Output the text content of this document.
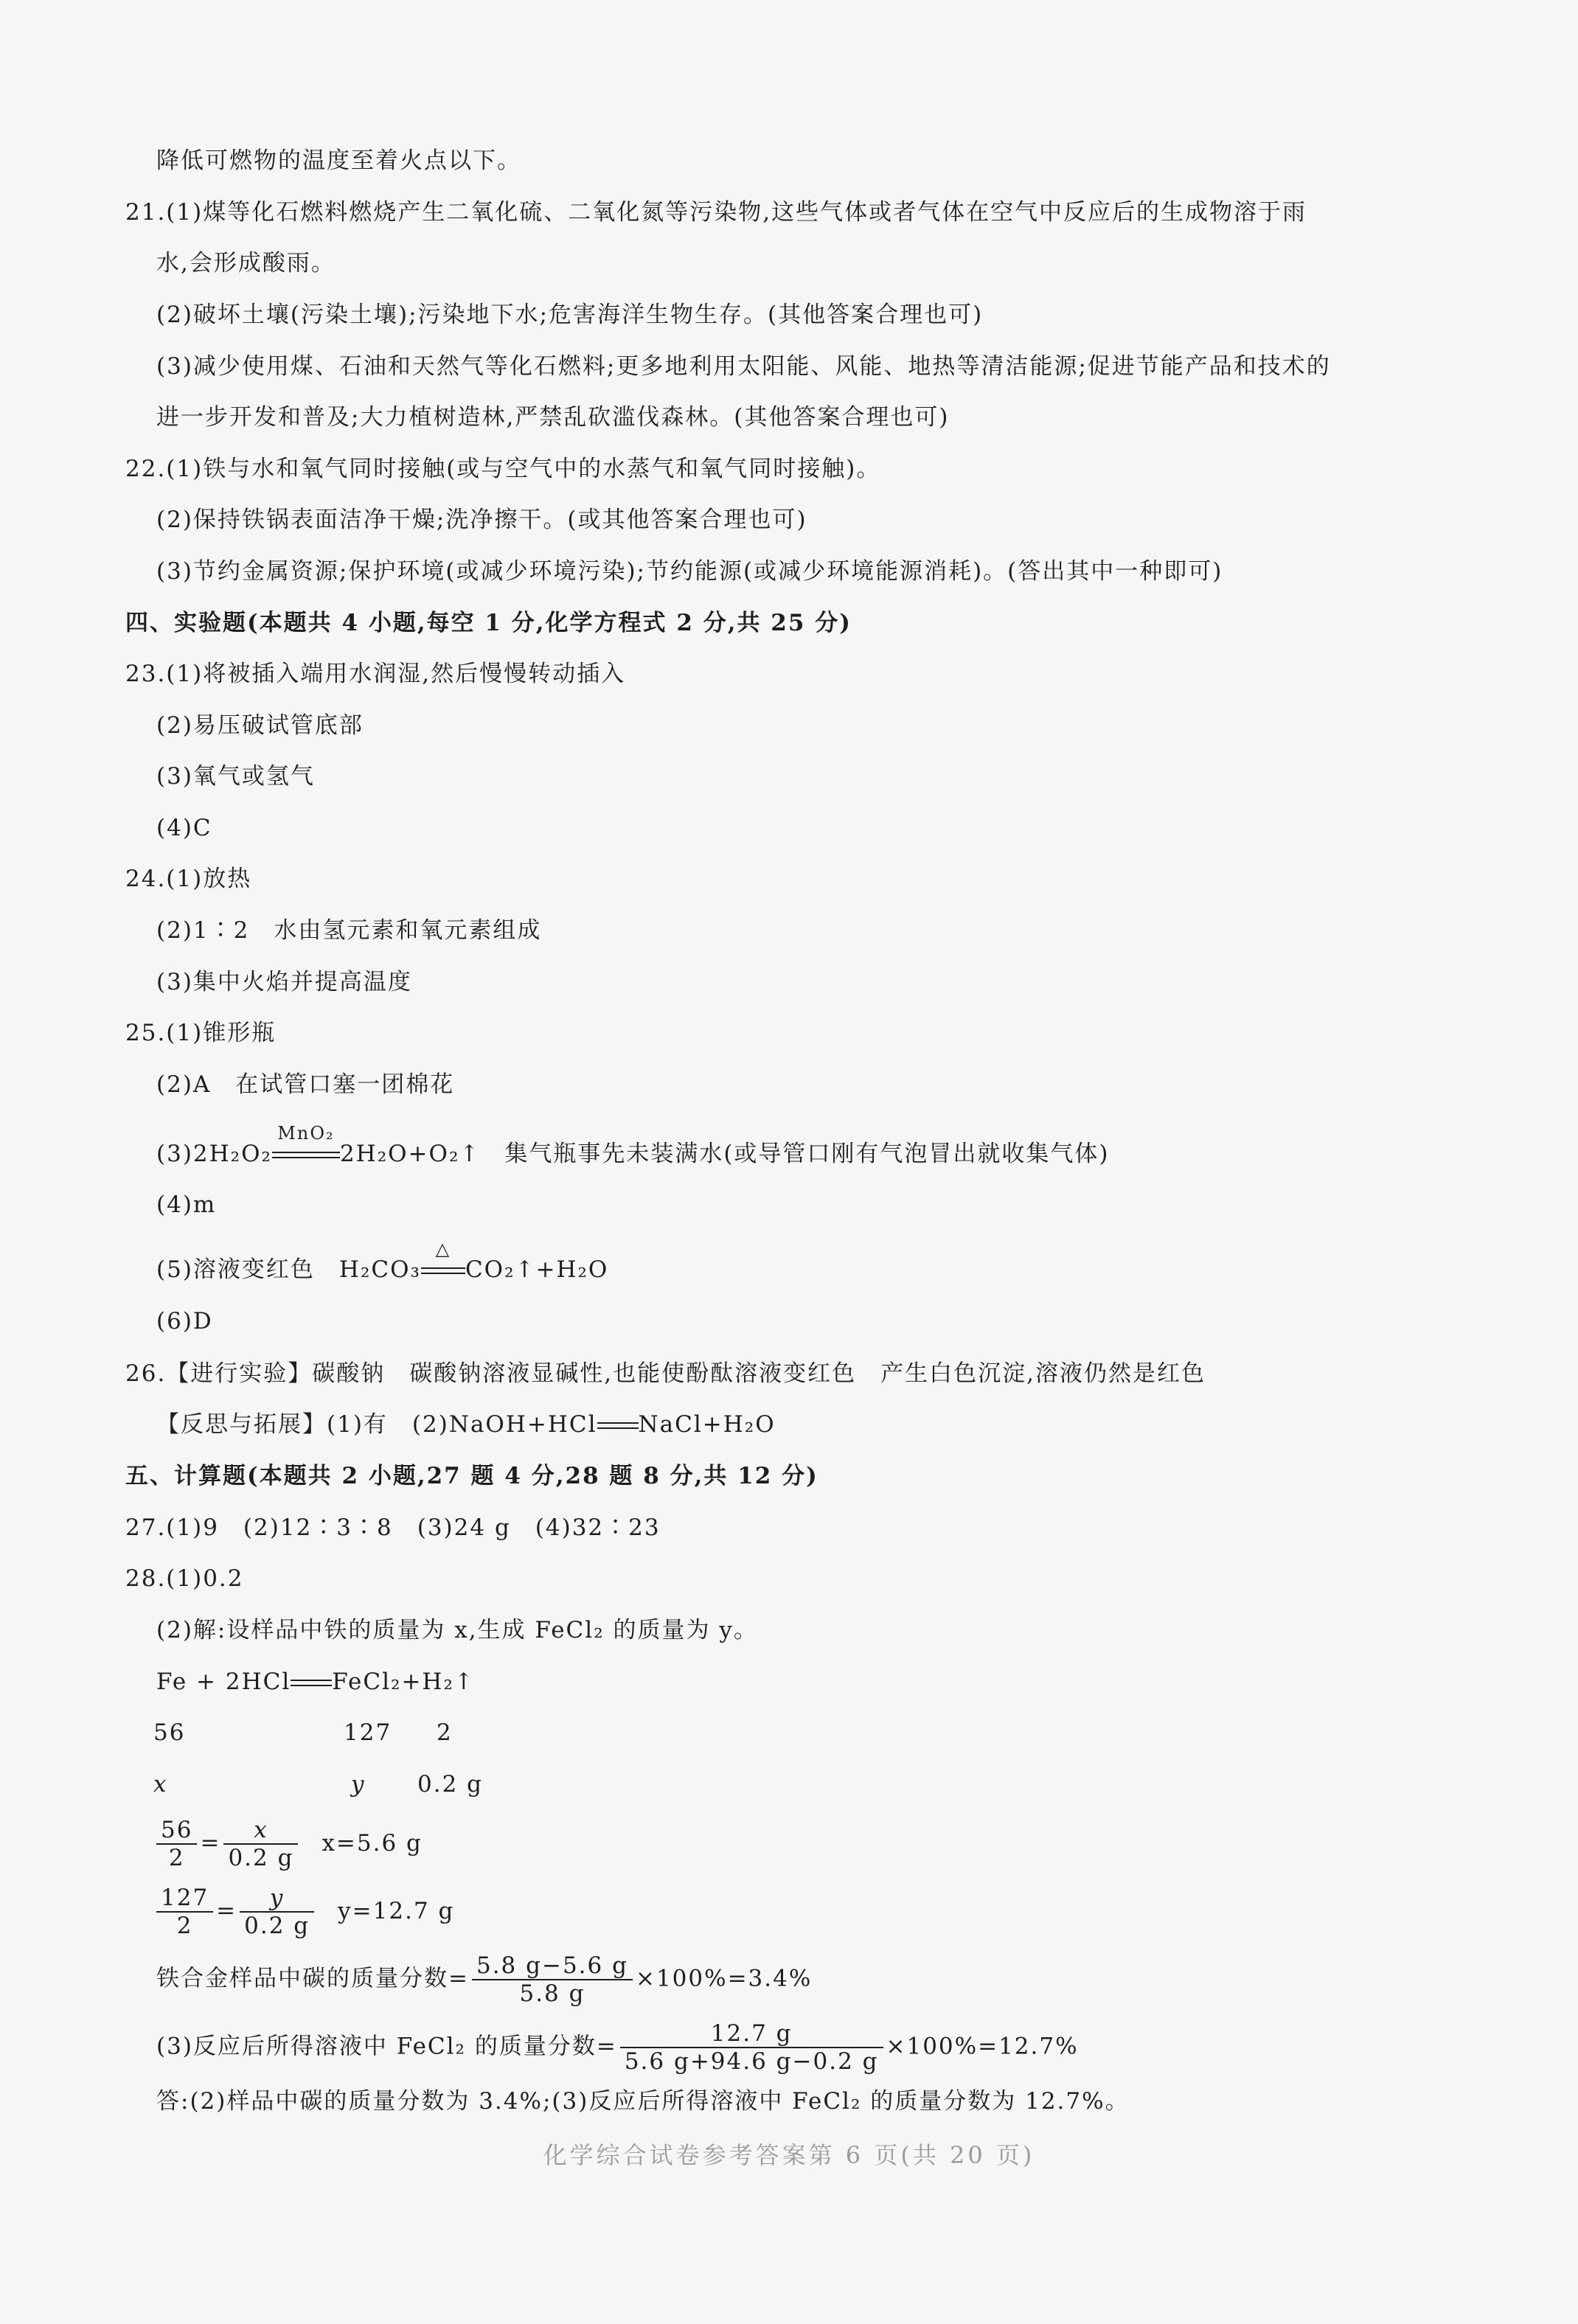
降低可燃物的温度至着火点以下。
21.(1)煤等化石燃料燃烧产生二氧化硫、二氧化氮等污染物,这些气体或者气体在空气中反应后的生成物溶于雨
水,会形成酸雨。
(2)破坏土壤(污染土壤);污染地下水;危害海洋生物生存。(其他答案合理也可)
(3)减少使用煤、石油和天然气等化石燃料;更多地利用太阳能、风能、地热等清洁能源;促进节能产品和技术的
进一步开发和普及;大力植树造林,严禁乱砍滥伐森林。(其他答案合理也可)
22.(1)铁与水和氧气同时接触(或与空气中的水蒸气和氧气同时接触)。
(2)保持铁锅表面洁净干燥;洗净擦干。(或其他答案合理也可)
(3)节约金属资源;保护环境(或减少环境污染);节约能源(或减少环境能源消耗)。(答出其中一种即可)
四、实验题(本题共 4 小题,每空 1 分,化学方程式 2 分,共 25 分)
23.(1)将被插入端用水润湿,然后慢慢转动插入
(2)易压破试管底部
(3)氧气或氢气
(4)C
24.(1)放热
(2)1∶2　水由氢元素和氧元素组成
(3)集中火焰并提高温度
25.(1)锥形瓶
(2)A　在试管口塞一团棉花
(3)2H₂O₂
MnO₂
2H₂O+O₂↑　集气瓶事先未装满水(或导管口刚有气泡冒出就收集气体)
(4)m
(5)溶液变红色　H₂CO₃
△
CO₂↑+H₂O
(6)D
26.【进行实验】碳酸钠　碳酸钠溶液显碱性,也能使酚酞溶液变红色　产生白色沉淀,溶液仍然是红色
【反思与拓展】(1)有　(2)NaOH+HCl NaCl+H₂O
五、计算题(本题共 2 小题,27 题 4 分,28 题 8 分,共 12 分)
27.(1)9　(2)12∶3∶8　(3)24 g　(4)32∶23
28.(1)0.2
(2)解:设样品中铁的质量为 x,生成 FeCl₂ 的质量为 y。
Fe + 2HCl FeCl₂+H₂↑
56	127 2
x	y 0.2 g
$\frac{56}{2} = \frac{x}{0.2 g} x=5.6$ g
$\frac{127}{2} = \frac{y}{0.2 g} y=12.7$ g
铁合金样品中碳的质量分数= $\frac{5.8 g-5.6 g}{5.8 g} \times 100\%=3.4\%$
(3)反应后所得溶液中 FeCl₂ 的质量分数= $\frac{12.7 g}{5.6 g+94.6 g-0.2 g} \times 100\%=12.7\%$
答:(2)样品中碳的质量分数为 3.4%;(3)反应后所得溶液中 FeCl₂ 的质量分数为 12.7%。
化学综合试卷参考答案第 6 页(共 20 页)
